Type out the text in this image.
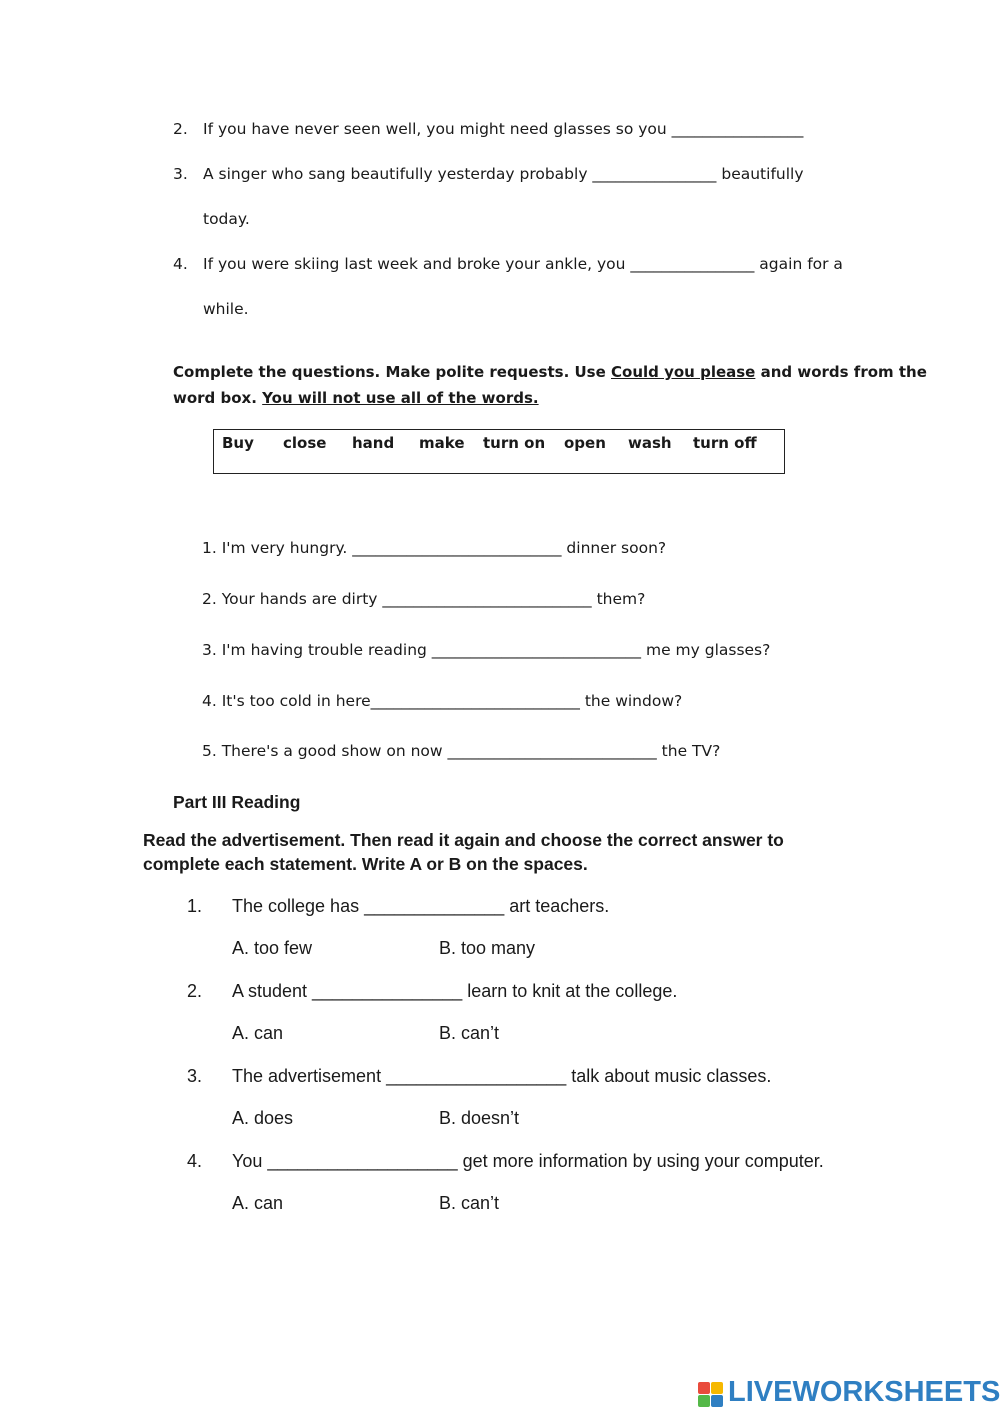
2. If you have never seen well, you might need glasses so you _________________
3. A singer who sang beautifully yesterday probably ________________ beautifully
today.
4. If you were skiing last week and broke your ankle, you ________________ again for a
while.
Complete the questions. Make polite requests. Use Could you please and words from the
word box. You will not use all of the words.
Buy close hand make turn on open wash turn off
1. I'm very hungry. ___________________________ dinner soon?
2. Your hands are dirty ___________________________ them?
3. I'm having trouble reading ___________________________ me my glasses?
4. It's too cold in here___________________________ the window?
5. There's a good show on now ___________________________ the TV?
Part III Reading
Read the advertisement. Then read it again and choose the correct answer to
complete each statement. Write A or B on the spaces.
1. The college has ______________ art teachers.
A. too few	B. too many
2. A student _______________ learn to knit at the college.
A. can	B. can’t
3. The advertisement __________________ talk about music classes.
A. does	B. doesn’t
4. You ___________________ get more information by using your computer.
A. can	B. can’t
LIVEWORKSHEETS
